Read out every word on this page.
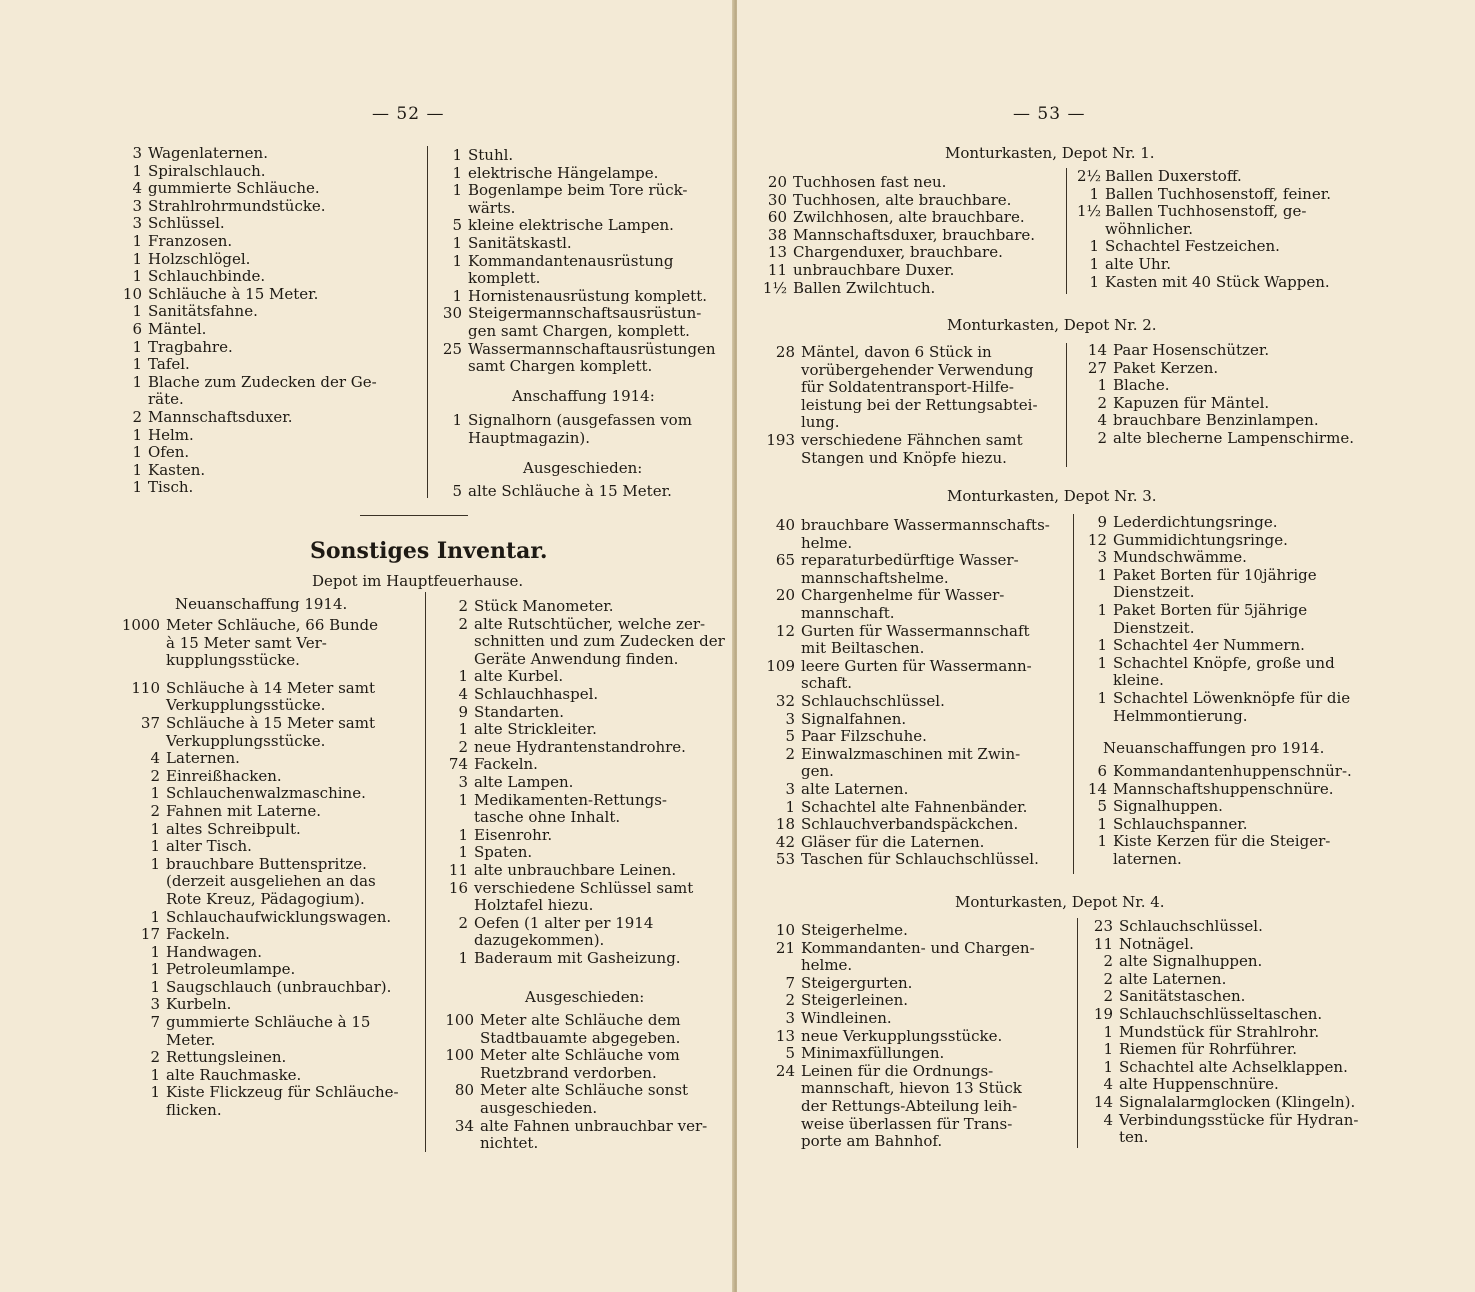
— 52 —
3 Wagenlaternen.
1 Spiralschlauch.
4 gummierte Schläuche.
3 Strahlrohrmundstücke.
3 Schlüssel.
1 Franzosen.
1 Holzschlögel.
1 Schlauchbinde.
10 Schläuche à 15 Meter.
1 Sanitätsfahne.
6 Mäntel.
1 Tragbahre.
1 Tafel.
1 Blache zum Zudecken der Ge-
räte.
2 Mannschaftsduxer.
1 Helm.
1 Ofen.
1 Kasten.
1 Tisch.
1 Stuhl.
1 elektrische Hängelampe.
1 Bogenlampe beim Tore rück-
wärts.
5 kleine elektrische Lampen.
1 Sanitätskastl.
1 Kommandantenausrüstung
komplett.
1 Hornistenausrüstung komplett.
30 Steigermannschaftsausrüstun-
gen samt Chargen, komplett.
25 Wassermannschaftausrüstungen
samt Chargen komplett.
Anschaffung 1914:
1 Signalhorn (ausgefassen vom
Hauptmagazin).
Ausgeschieden:
5 alte Schläuche à 15 Meter.
Sonstiges Inventar.
Depot im Hauptfeuerhause.
Neuanschaffung 1914.
1000 Meter Schläuche, 66 Bunde
à 15 Meter samt Ver-
kupplungsstücke.
110 Schläuche à 14 Meter samt
Verkupplungsstücke.
37 Schläuche à 15 Meter samt
Verkupplungsstücke.
4 Laternen.
2 Einreißhacken.
1 Schlauchenwalzmaschine.
2 Fahnen mit Laterne.
1 altes Schreibpult.
1 alter Tisch.
1 brauchbare Buttenspritze.
(derzeit ausgeliehen an das
Rote Kreuz, Pädagogium).
1 Schlauchaufwicklungswagen.
17 Fackeln.
1 Handwagen.
1 Petroleumlampe.
1 Saugschlauch (unbrauchbar).
3 Kurbeln.
7 gummierte Schläuche à 15
Meter.
2 Rettungsleinen.
1 alte Rauchmaske.
1 Kiste Flickzeug für Schläuche-
flicken.
2 Stück Manometer.
2 alte Rutschtücher, welche zer-
schnitten und zum Zudecken der
Geräte Anwendung finden.
1 alte Kurbel.
4 Schlauchhaspel.
9 Standarten.
1 alte Strickleiter.
2 neue Hydrantenstandrohre.
74 Fackeln.
3 alte Lampen.
1 Medikamenten-Rettungs-
tasche ohne Inhalt.
1 Eisenrohr.
1 Spaten.
11 alte unbrauchbare Leinen.
16 verschiedene Schlüssel samt
Holztafel hiezu.
2 Oefen (1 alter per 1914
dazugekommen).
1 Baderaum mit Gasheizung.
Ausgeschieden:
100 Meter alte Schläuche dem
Stadtbauamte abgegeben.
100 Meter alte Schläuche vom
Ruetzbrand verdorben.
80 Meter alte Schläuche sonst
ausgeschieden.
34 alte Fahnen unbrauchbar ver-
nichtet.
— 53 —
Monturkasten, Depot Nr. 1.
20 Tuchhosen fast neu.
30 Tuchhosen, alte brauchbare.
60 Zwilchhosen, alte brauchbare.
38 Mannschaftsduxer, brauchbare.
13 Chargenduxer, brauchbare.
11 unbrauchbare Duxer.
1½ Ballen Zwilchtuch.
2½ Ballen Duxerstoff.
1 Ballen Tuchhosenstoff, feiner.
1½ Ballen Tuchhosenstoff, ge-
wöhnlicher.
1 Schachtel Festzeichen.
1 alte Uhr.
1 Kasten mit 40 Stück Wappen.
Monturkasten, Depot Nr. 2.
28 Mäntel, davon 6 Stück in
vorübergehender Verwendung
für Soldatentransport-Hilfe-
leistung bei der Rettungsabtei-
lung.
193 verschiedene Fähnchen samt
Stangen und Knöpfe hiezu.
14 Paar Hosenschützer.
27 Paket Kerzen.
1 Blache.
2 Kapuzen für Mäntel.
4 brauchbare Benzinlampen.
2 alte blecherne Lampenschirme.
Monturkasten, Depot Nr. 3.
40 brauchbare Wassermannschafts-
helme.
65 reparaturbedürftige Wasser-
mannschaftshelme.
20 Chargenhelme für Wasser-
mannschaft.
12 Gurten für Wassermannschaft
mit Beiltaschen.
109 leere Gurten für Wassermann-
schaft.
32 Schlauchschlüssel.
3 Signalfahnen.
5 Paar Filzschuhe.
2 Einwalzmaschinen mit Zwin-
gen.
3 alte Laternen.
1 Schachtel alte Fahnenbänder.
18 Schlauchverbandspäckchen.
42 Gläser für die Laternen.
53 Taschen für Schlauchschlüssel.
9 Lederdichtungsringe.
12 Gummidichtungsringe.
3 Mundschwämme.
1 Paket Borten für 10jährige
Dienstzeit.
1 Paket Borten für 5jährige
Dienstzeit.
1 Schachtel 4er Nummern.
1 Schachtel Knöpfe, große und
kleine.
1 Schachtel Löwenknöpfe für die
Helmmontierung.
Neuanschaffungen pro 1914.
6 Kommandantenhuppenschnür-.
14 Mannschaftshuppenschnüre.
5 Signalhuppen.
1 Schlauchspanner.
1 Kiste Kerzen für die Steiger-
laternen.
Monturkasten, Depot Nr. 4.
10 Steigerhelme.
21 Kommandanten- und Chargen-
helme.
7 Steigergurten.
2 Steigerleinen.
3 Windleinen.
13 neue Verkupplungsstücke.
5 Minimaxfüllungen.
24 Leinen für die Ordnungs-
mannschaft, hievon 13 Stück
der Rettungs-Abteilung leih-
weise überlassen für Trans-
porte am Bahnhof.
23 Schlauchschlüssel.
11 Notnägel.
2 alte Signalhuppen.
2 alte Laternen.
2 Sanitätstaschen.
19 Schlauchschlüsseltaschen.
1 Mundstück für Strahlrohr.
1 Riemen für Rohrführer.
1 Schachtel alte Achselklappen.
4 alte Huppenschnüre.
14 Signalalarmglocken (Klingeln).
4 Verbindungsstücke für Hydran-
ten.
